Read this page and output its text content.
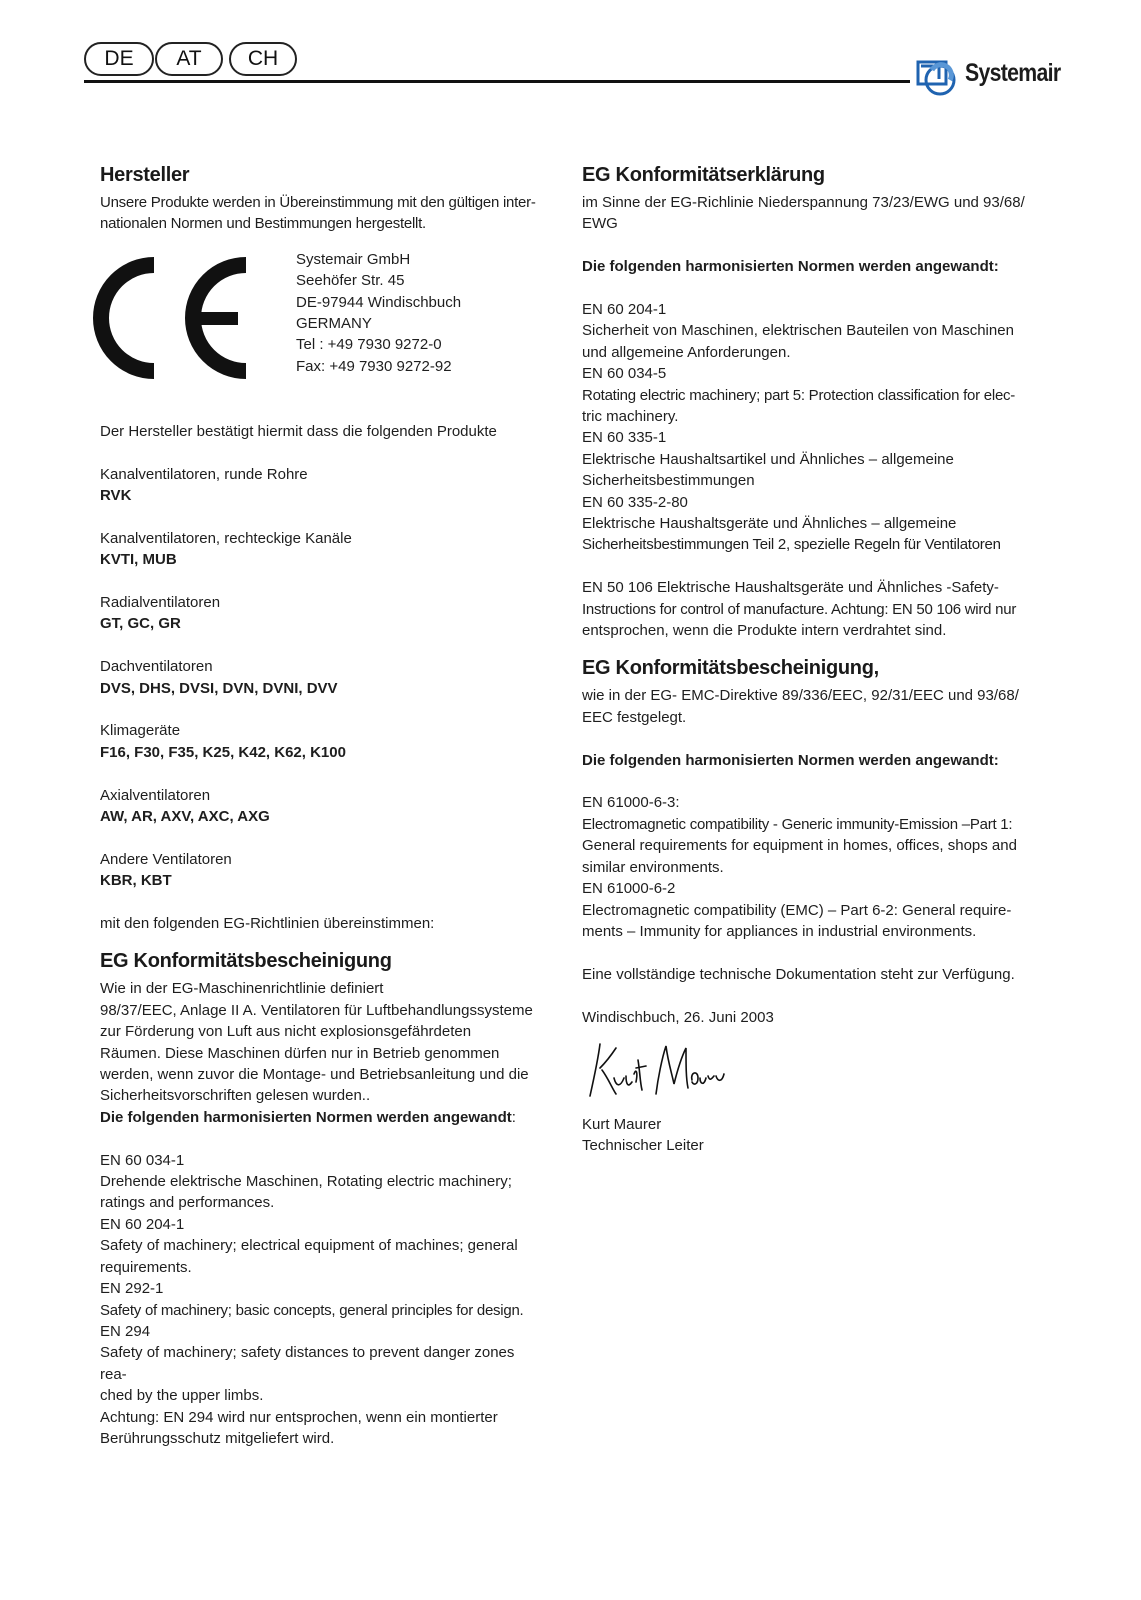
DE	AT	CH
Systemair
Hersteller

Unsere Produkte werden in Übereinstimmung mit den gültigen inter-nationalen Normen und Bestimmungen hergestellt.

Systemair GmbH

Seehöfer Str. 45

DE-97944 Windischbuch

GERMANY

Tel : +49 7930 9272-0

Fax: +49 7930 9272-92

Der Hersteller bestätigt hiermit dass die folgenden Produkte

Kanalventilatoren, runde Rohre

RVK

Kanalventilatoren, rechteckige Kanäle

KVTI, MUB

Radialventilatoren

GT, GC, GR

Dachventilatoren

DVS, DHS, DVSI, DVN, DVNI, DVV

Klimageräte

F16, F30, F35, K25, K42, K62, K100

Axialventilatoren

AW, AR, AXV, AXC, AXG

Andere Ventilatoren

KBR, KBT

mit den folgenden EG-Richtlinien übereinstimmen:

EG Konformitätsbescheinigung

Wie in der EG-Maschinenrichtlinie definiert

98/37/EEC, Anlage II A. Ventilatoren für Luftbehandlungssysteme

zur Förderung von Luft aus nicht explosionsgefährdeten

Räumen. Diese Maschinen dürfen nur in Betrieb genommen

werden, wenn zuvor die Montage- und Betriebsanleitung und die

Sicherheitsvorschriften gelesen wurden..

Die folgenden harmonisierten Normen werden angewandt:

EN 60 034-1

Drehende elektrische Maschinen, Rotating electric machinery;

ratings and performances.

EN 60 204-1

Safety of machinery; electrical equipment of machines; general

requirements.

EN 292-1

Safety of machinery; basic concepts, general principles for design.

EN 294

Safety of machinery; safety distances to prevent danger zones rea-

ched by the upper limbs.

Achtung: EN 294 wird nur entsprochen, wenn ein montierter

Berührungsschutz mitgeliefert wird.

EG Konformitätserklärung

im Sinne der EG-Richlinie Niederspannung 73/23/EWG und 93/68/

EWG

Die folgenden harmonisierten Normen werden angewandt:

EN 60 204-1

Sicherheit von Maschinen, elektrischen Bauteilen von Maschinen

und allgemeine Anforderungen.

EN 60 034-5

Rotating electric machinery; part 5: Protection classification for elec-

tric machinery.

EN 60 335-1

Elektrische Haushaltsartikel und Ähnliches – allgemeine

Sicherheitsbestimmungen

EN 60 335-2-80

Elektrische Haushaltsgeräte und Ähnliches – allgemeine

Sicherheitsbestimmungen Teil 2, spezielle Regeln für Ventilatoren

EN 50 106 Elektrische Haushaltsgeräte und Ähnliches -Safety-

Instructions for control of manufacture. Achtung: EN 50 106 wird nur

entsprochen, wenn die Produkte intern verdrahtet sind.

EG Konformitätsbescheinigung,

wie in der EG- EMC-Direktive 89/336/EEC, 92/31/EEC und 93/68/

EEC festgelegt.

Die folgenden harmonisierten Normen werden angewandt:

EN 61000-6-3:

Electromagnetic compatibility - Generic immunity-Emission –Part 1:

General requirements for equipment in homes, offices, shops and

similar environments.

EN 61000-6-2

Electromagnetic compatibility (EMC) – Part 6-2: General require-

ments – Immunity for appliances in industrial environments.

Eine vollständige technische Dokumentation steht zur Verfügung.

Windischbuch, 26. Juni 2003

Kurt Maurer

Technischer Leiter
